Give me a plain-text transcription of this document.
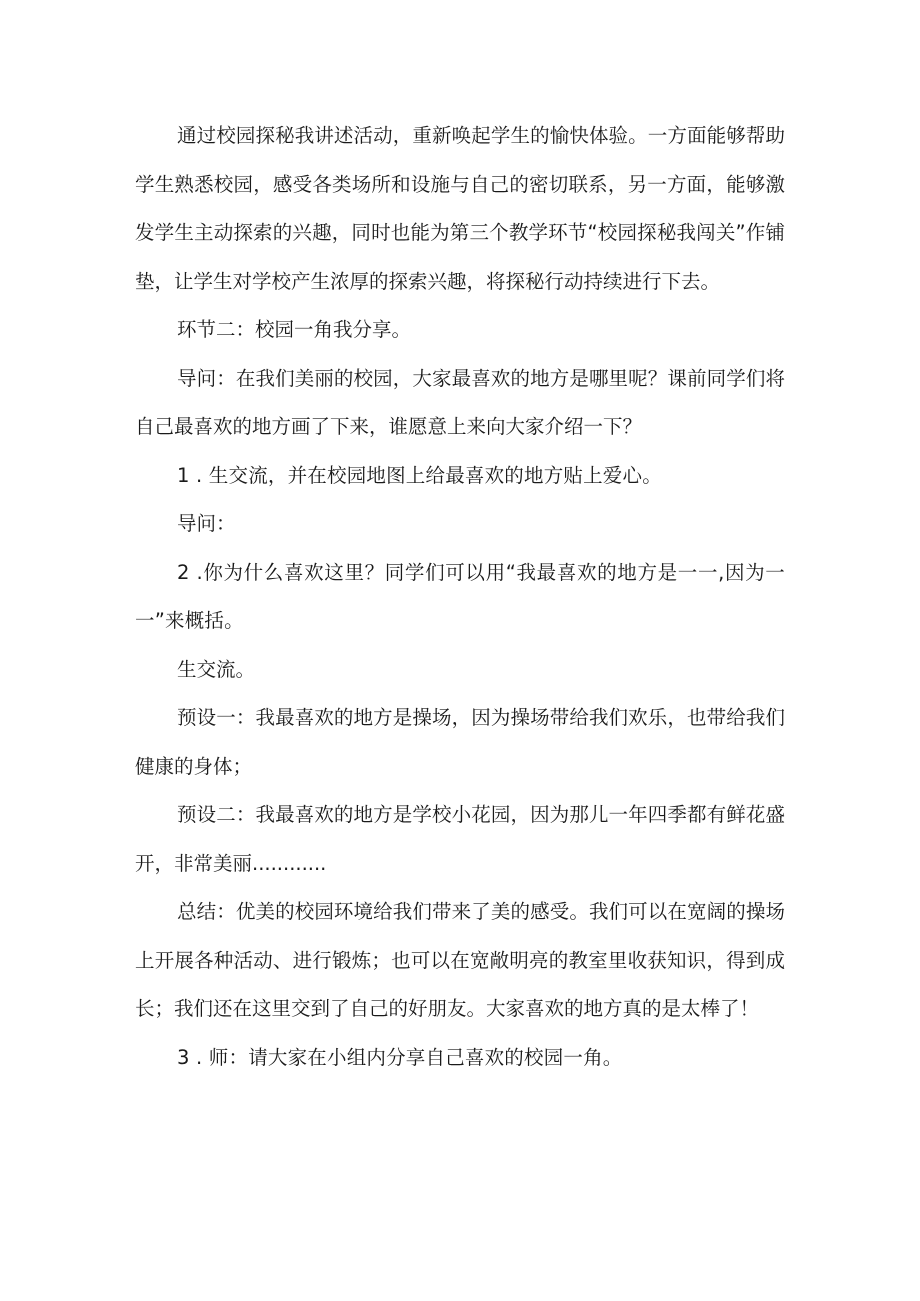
通过校园探秘我讲述活动，重新唤起学生的愉快体验。一方面能够帮助学生熟悉校园，感受各类场所和设施与自己的密切联系，另一方面，能够激发学生主动探索的兴趣，同时也能为第三个教学环节“校园探秘我闯关”作铺垫，让学生对学校产生浓厚的探索兴趣，将探秘行动持续进行下去。

环节二：校园一角我分享。

导问：在我们美丽的校园，大家最喜欢的地方是哪里呢？课前同学们将自己最喜欢的地方画了下来，谁愿意上来向大家介绍一下？

1 . 生交流，并在校园地图上给最喜欢的地方贴上爱心。

导问：

2 .你为什么喜欢这里？同学们可以用“我最喜欢的地方是一一,因为一一”来概括。

生交流。

预设一：我最喜欢的地方是操场，因为操场带给我们欢乐，也带给我们健康的身体；

预设二：我最喜欢的地方是学校小花园，因为那儿一年四季都有鲜花盛开，非常美丽............

总结：优美的校园环境给我们带来了美的感受。我们可以在宽阔的操场上开展各种活动、进行锻炼；也可以在宽敞明亮的教室里收获知识，得到成长；我们还在这里交到了自己的好朋友。大家喜欢的地方真的是太棒了！

3 . 师：请大家在小组内分享自己喜欢的校园一角。
